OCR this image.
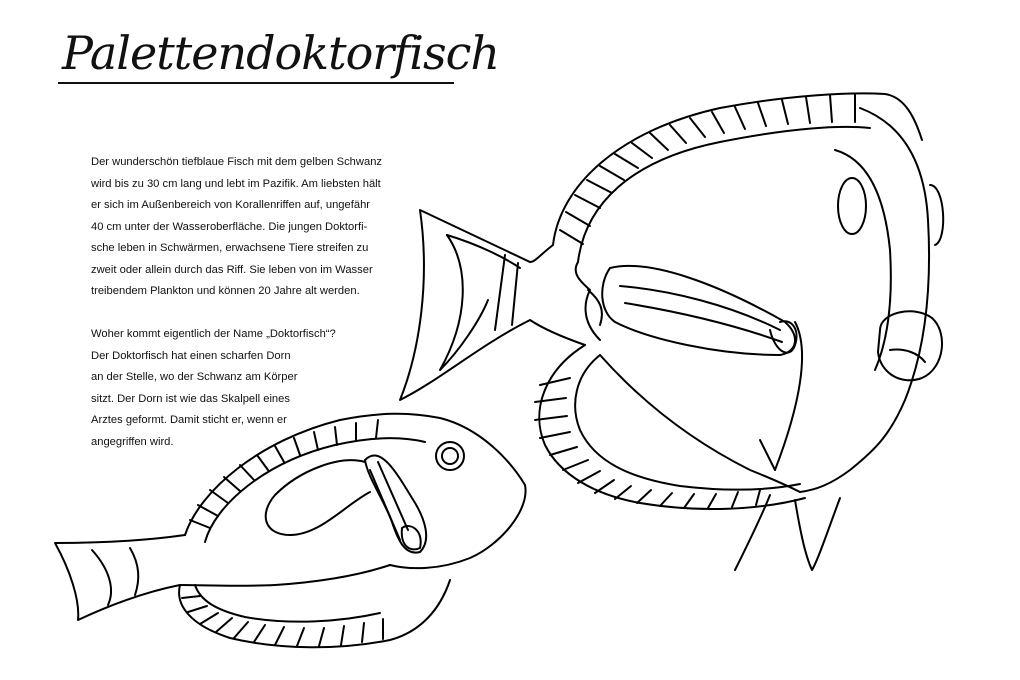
Palettendoktorfisch
Der wunderschön tiefblaue Fisch mit dem gelben Schwanz
wird bis zu 30 cm lang und lebt im Pazifik. Am liebsten hält
er sich im Außenbereich von Korallenriffen auf, ungefähr
40 cm unter der Wasseroberfläche. Die jungen Doktorfi-
sche leben in Schwärmen, erwachsene Tiere streifen zu
zweit oder allein durch das Riff. Sie leben von im Wasser
treibendem Plankton und können 20 Jahre alt werden.
Woher kommt eigentlich der Name „Doktorfisch“?
Der Doktorfisch hat einen scharfen Dorn
an der Stelle, wo der Schwanz am Körper
sitzt. Der Dorn ist wie das Skalpell eines
Arztes geformt. Damit sticht er, wenn er
angegriffen wird.
